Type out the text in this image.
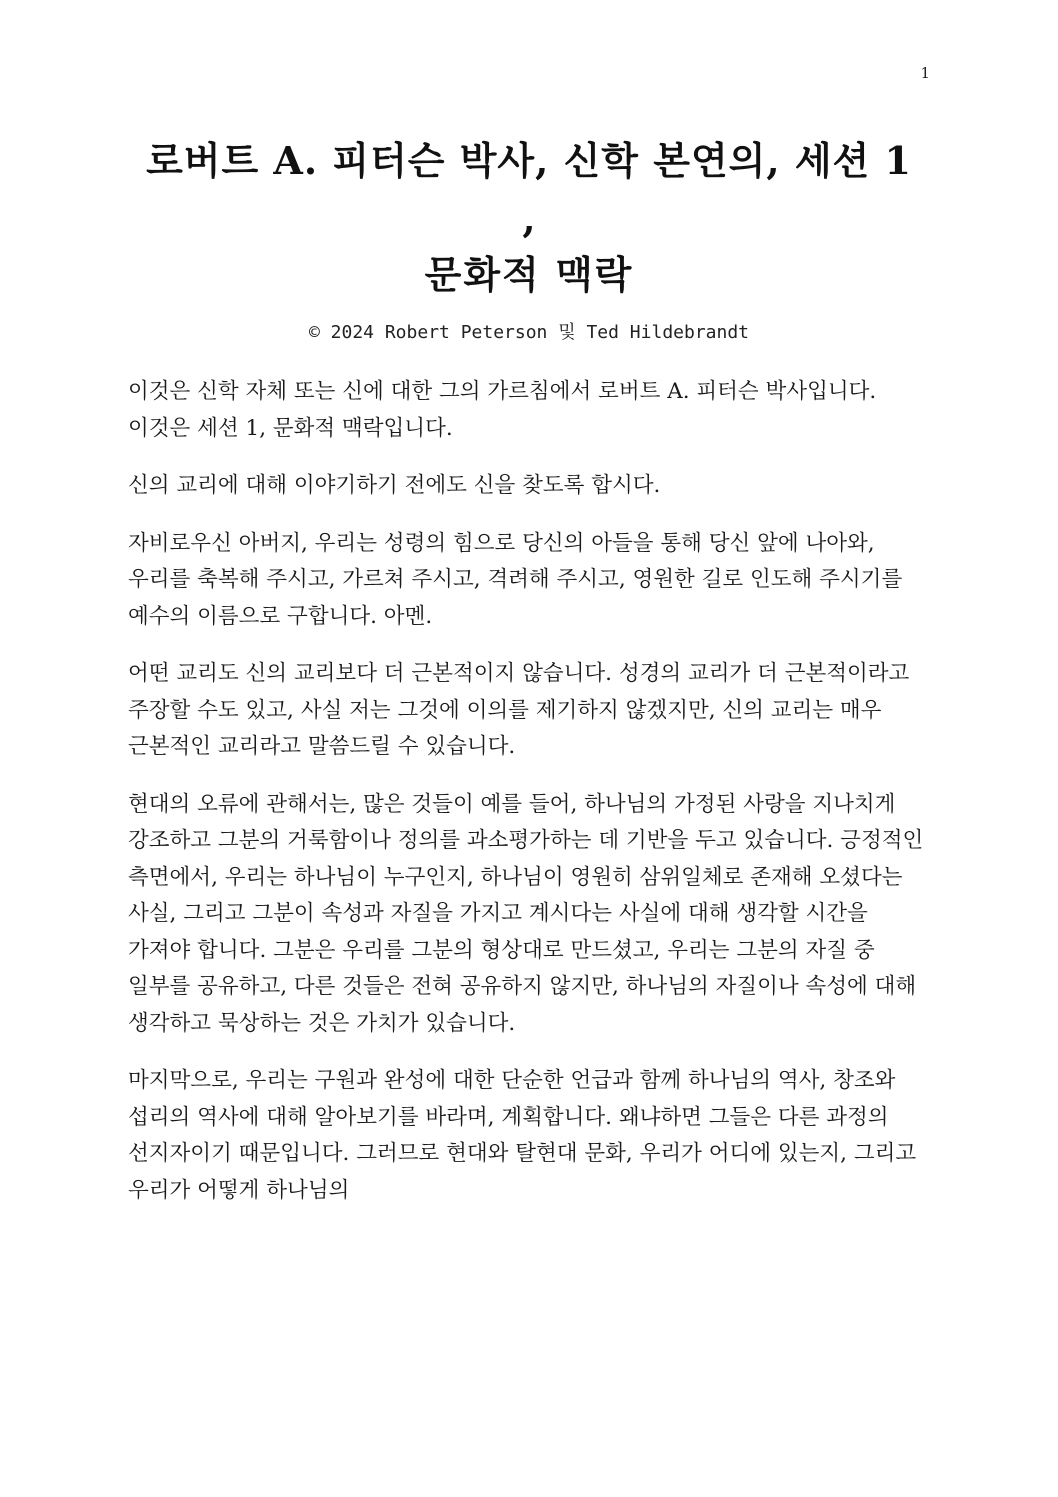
1
로버트 A. 피터슨 박사, 신학 본연의, 세션 1
,
문화적 맥락
© 2024 Robert Peterson 및 Ted Hildebrandt

이것은 신학 자체 또는 신에 대한 그의 가르침에서 로버트 A. 피터슨 박사입니다. 이것은 세션 1, 문화적 맥락입니다.

신의 교리에 대해 이야기하기 전에도 신을 찾도록 합시다.

자비로우신 아버지, 우리는 성령의 힘으로 당신의 아들을 통해 당신 앞에 나아와, 우리를 축복해 주시고, 가르쳐 주시고, 격려해 주시고, 영원한 길로 인도해 주시기를 예수의 이름으로 구합니다. 아멘.

어떤 교리도 신의 교리보다 더 근본적이지 않습니다. 성경의 교리가 더 근본적이라고 주장할 수도 있고, 사실 저는 그것에 이의를 제기하지 않겠지만, 신의 교리는 매우 근본적인 교리라고 말씀드릴 수 있습니다.

현대의 오류에 관해서는, 많은 것들이 예를 들어, 하나님의 가정된 사랑을 지나치게 강조하고 그분의 거룩함이나 정의를 과소평가하는 데 기반을 두고 있습니다. 긍정적인 측면에서, 우리는 하나님이 누구인지, 하나님이 영원히 삼위일체로 존재해 오셨다는 사실, 그리고 그분이 속성과 자질을 가지고 계시다는 사실에 대해 생각할 시간을 가져야 합니다. 그분은 우리를 그분의 형상대로 만드셨고, 우리는 그분의 자질 중 일부를 공유하고, 다른 것들은 전혀 공유하지 않지만, 하나님의 자질이나 속성에 대해 생각하고 묵상하는 것은 가치가 있습니다.

마지막으로, 우리는 구원과 완성에 대한 단순한 언급과 함께 하나님의 역사, 창조와 섭리의 역사에 대해 알아보기를 바라며, 계획합니다. 왜냐하면 그들은 다른 과정의 선지자이기 때문입니다. 그러므로 현대와 탈현대 문화, 우리가 어디에 있는지, 그리고 우리가 어떻게 하나님의
